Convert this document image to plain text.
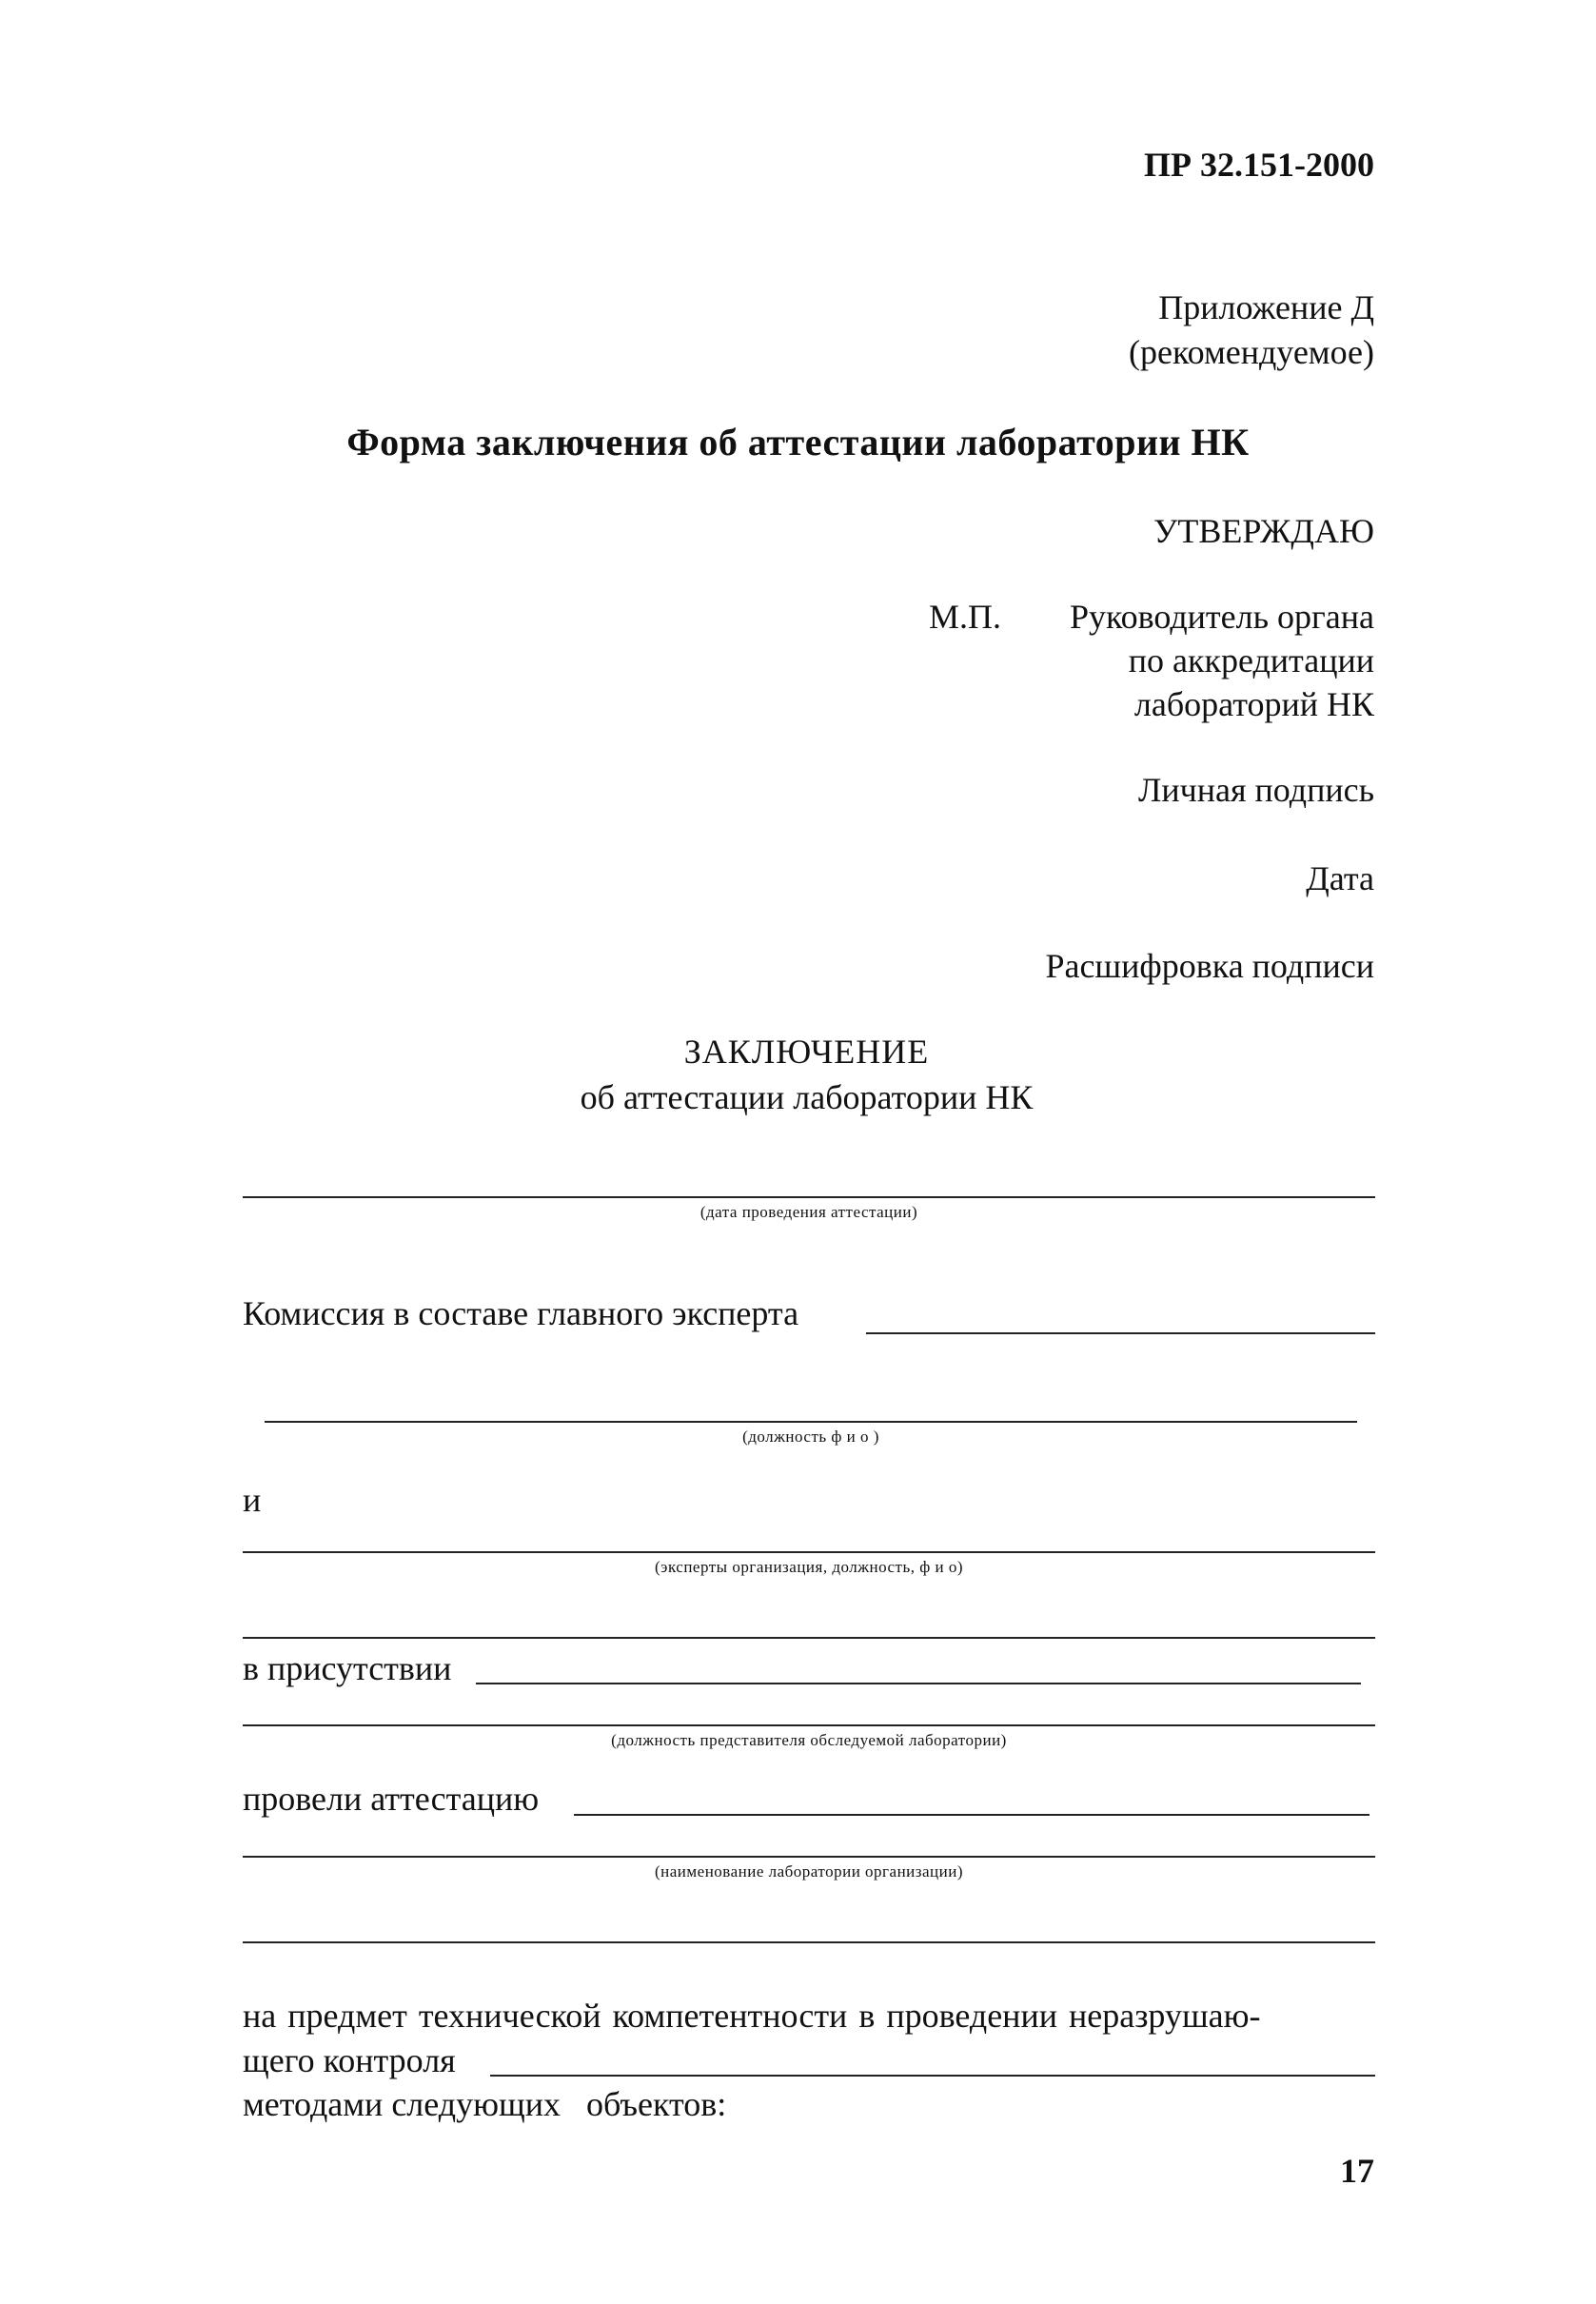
ПР 32.151-2000
Приложение Д
(рекомендуемое)
Форма заключения об аттестации лаборатории НК
УТВЕРЖДАЮ
М.П. Руководитель органа
по аккредитации
лабораторий НК
Личная подпись
Дата
Расшифровка подписи
ЗАКЛЮЧЕНИЕ
об аттестации лаборатории НК
(дата проведения аттестации)
Комиссия в составе главного эксперта
(должность ф и о )
и
(эксперты организация, должность, ф и о)
в присутствии
(должность представителя обследуемой лаборатории)
провели аттестацию
(наименование лаборатории организации)
на предмет технической компетентности в проведении неразрушаю-
щего контроля
методами следующих   объектов:
17
